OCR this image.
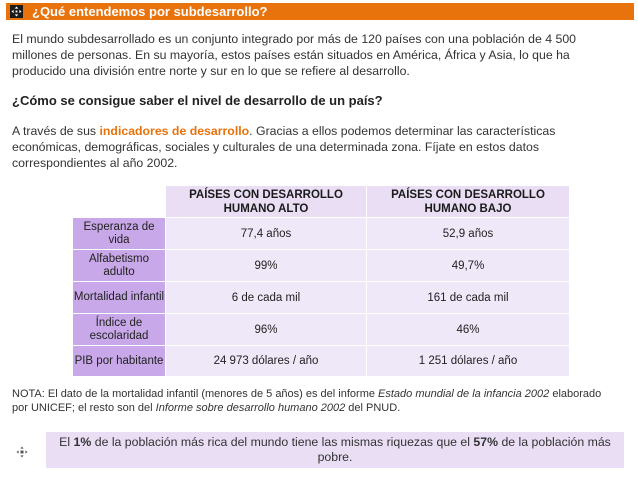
¿Qué entendemos por subdesarrollo?

El mundo subdesarrollado es un conjunto integrado por más de 120 países con una población de 4 500 millones de personas. En su mayoría, estos países están situados en América, África y Asia, lo que ha producido una división entre norte y sur en lo que se refiere al desarrollo.

¿Cómo se consigue saber el nivel de desarrollo de un país?

A través de sus indicadores de desarrollo. Gracias a ellos podemos determinar las características económicas, demográficas, sociales y culturales de una determinada zona. Fíjate en estos datos correspondientes al año 2002.

	PAÍSES CON DESARROLLO HUMANO ALTO	PAÍSES CON DESARROLLO HUMANO BAJO
Esperanza de vida	77,4 años	52,9 años
Alfabetismo adulto	99%	49,7%
Mortalidad infantil	6 de cada mil	161 de cada mil
Índice de escolaridad	96%	46%
PIB por habitante	24 973 dólares / año	1 251 dólares / año

NOTA: El dato de la mortalidad infantil (menores de 5 años) es del informe Estado mundial de la infancia 2002 elaborado por UNICEF; el resto son del Informe sobre desarrollo humano 2002 del PNUD.

El 1% de la población más rica del mundo tiene las mismas riquezas que el 57% de la población más pobre.
